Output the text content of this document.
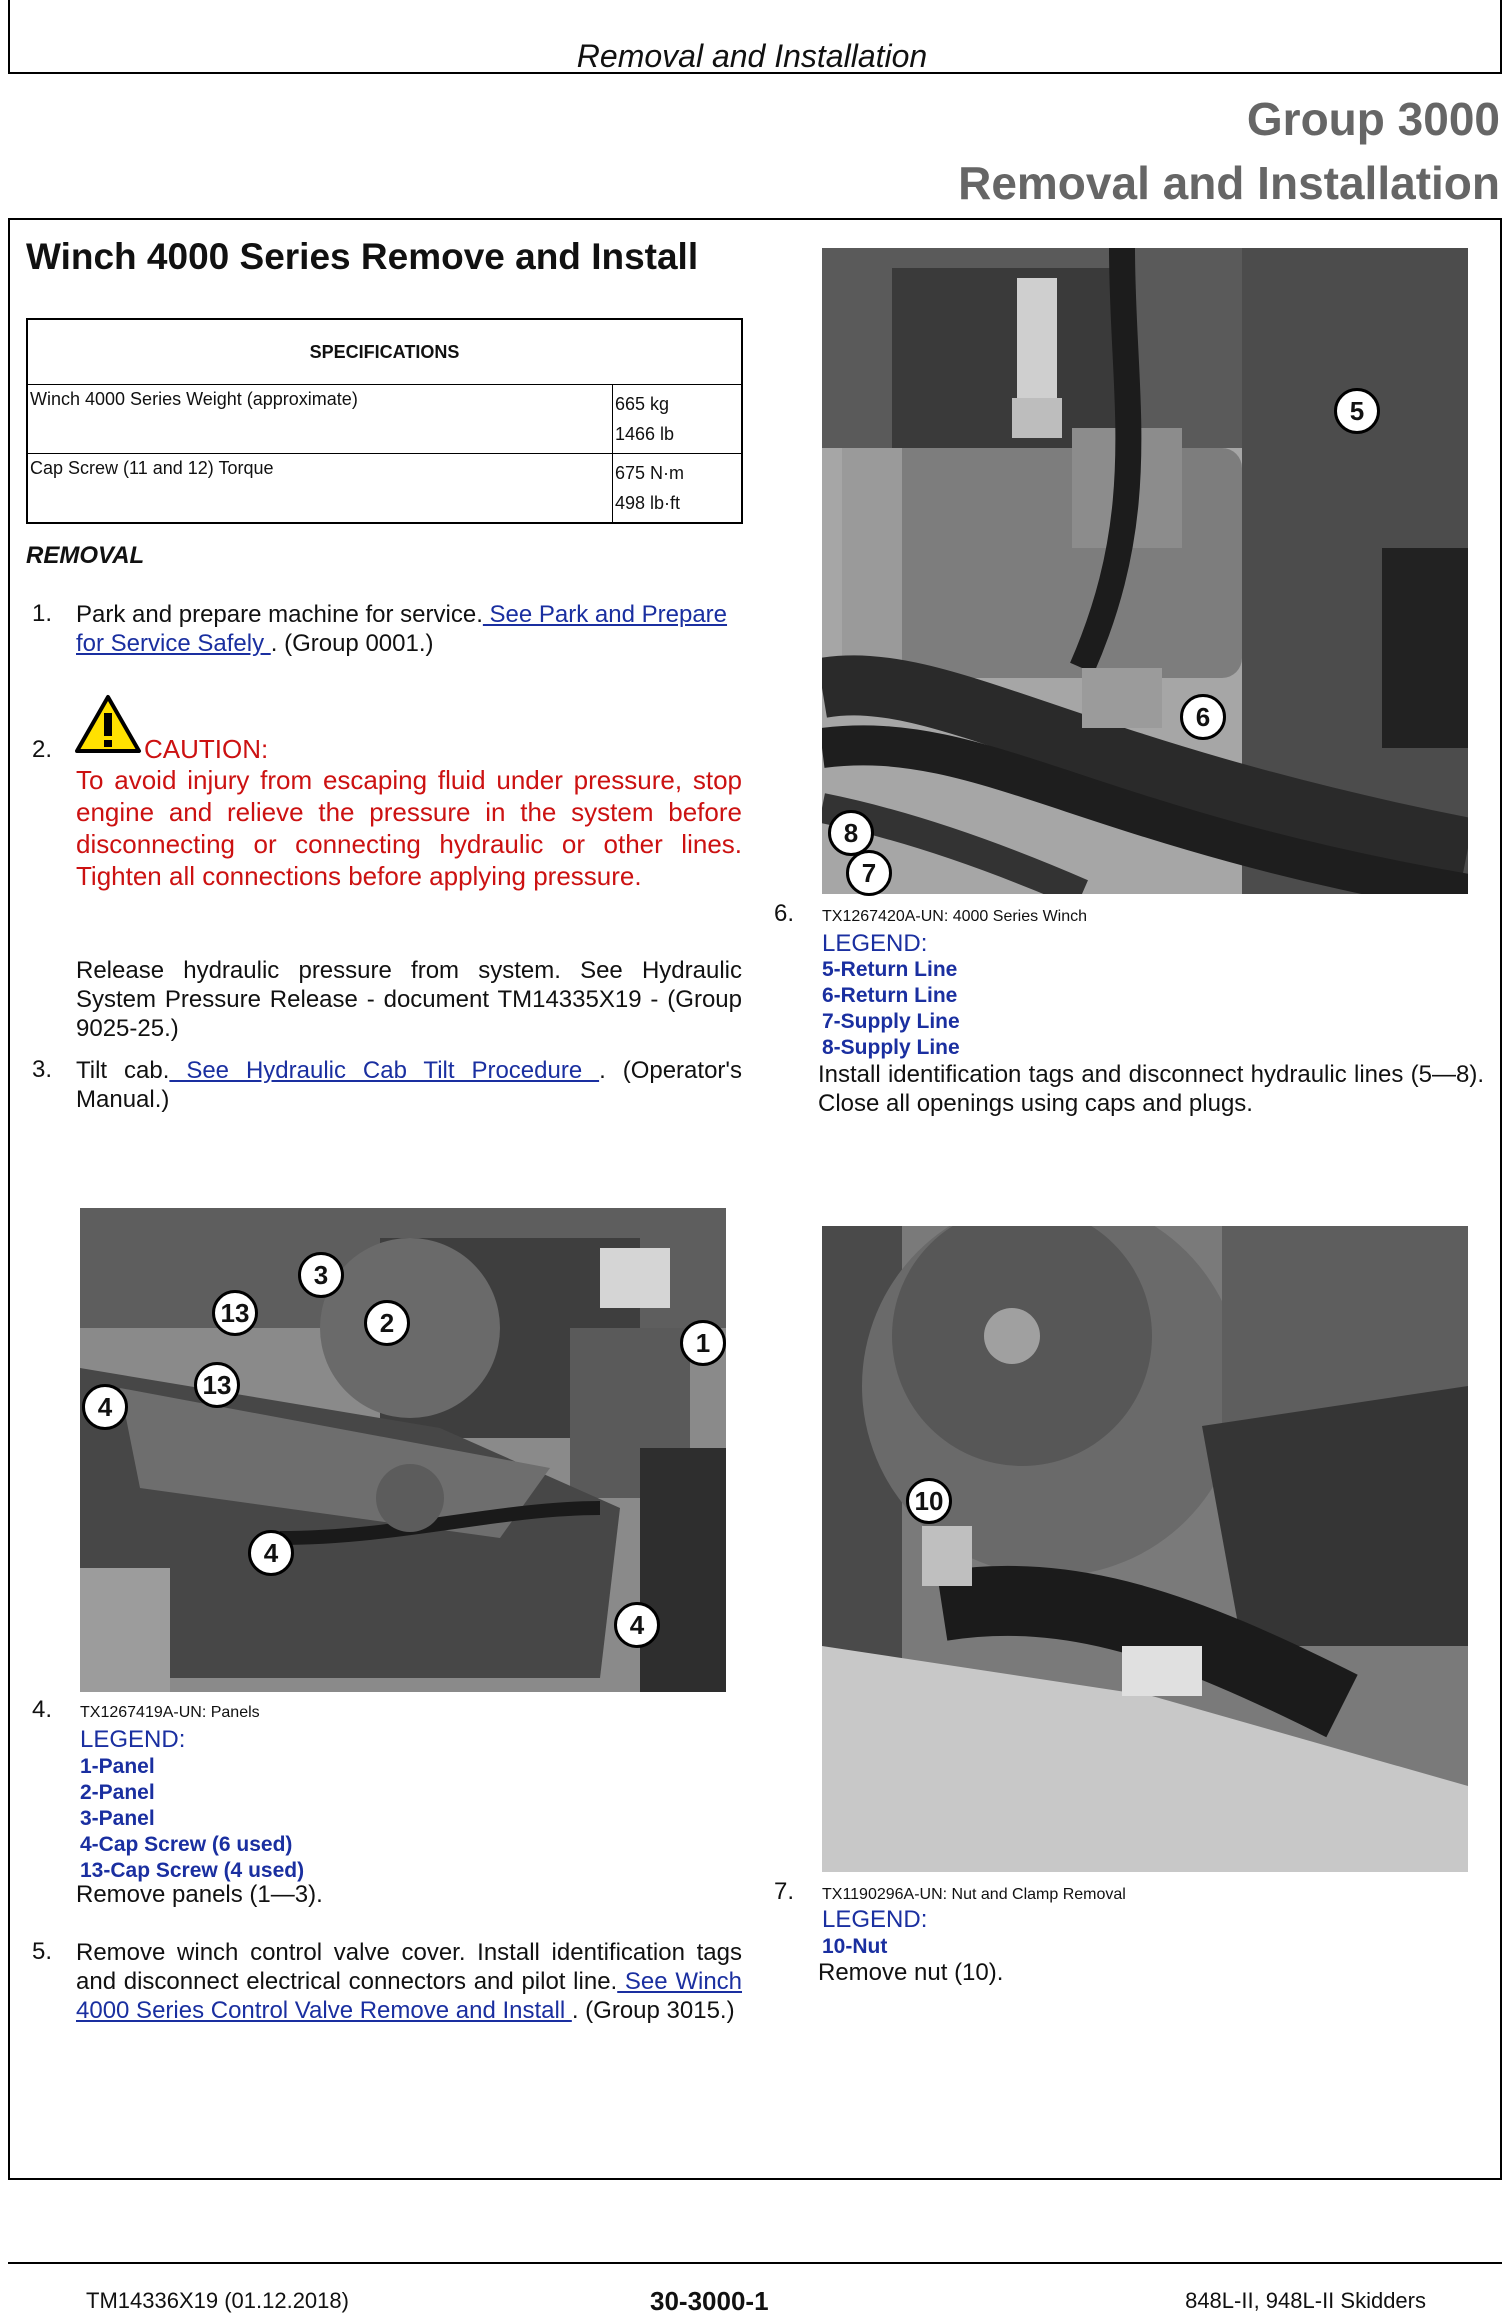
Removal and Installation
Group 3000
Removal and Installation
Winch 4000 Series Remove and Install
SPECIFICATIONS	
Winch 4000 Series Weight (approximate)	665 kg
1466 lb

Cap Screw (11 and 12) Torque	675 N·m
498 lb·ft
REMOVAL
1. Park and prepare machine for service. See Park and Prepare for Service Safely . (Group 0001.)
2.	CAUTION:
To avoid injury from escaping fluid under pressure, stop engine and relieve the pressure in the system before disconnecting or connecting hydraulic or other lines. Tighten all connections before applying pressure.
Release hydraulic pressure from system. See Hydraulic System Pressure Release - document TM14335X19 - (Group 9025-25.)
3. Tilt cab. See Hydraulic Cab Tilt Procedure . (Operator's Manual.)
5
6
8
7
6. TX1267420A-UN: 4000 Series Winch
LEGEND:
5-Return Line
6-Return Line
7-Supply Line
8-Supply Line
Install identification tags and disconnect hydraulic lines (5—8). Close all openings using caps and plugs.
3
13	2
1
13
4
4
4
4. TX1267419A-UN: Panels
LEGEND:
1-Panel
2-Panel
3-Panel
4-Cap Screw (6 used)
13-Cap Screw (4 used)
Remove panels (1—3).
5. Remove winch control valve cover. Install identification tags and disconnect electrical connectors and pilot line. See Winch 4000 Series Control Valve Remove and Install . (Group 3015.)
10
7. TX1190296A-UN: Nut and Clamp Removal
LEGEND:
10-Nut
Remove nut (10).
TM14336X19 (01.12.2018)	30-3000-1	848L-II, 948L-II Skidders
